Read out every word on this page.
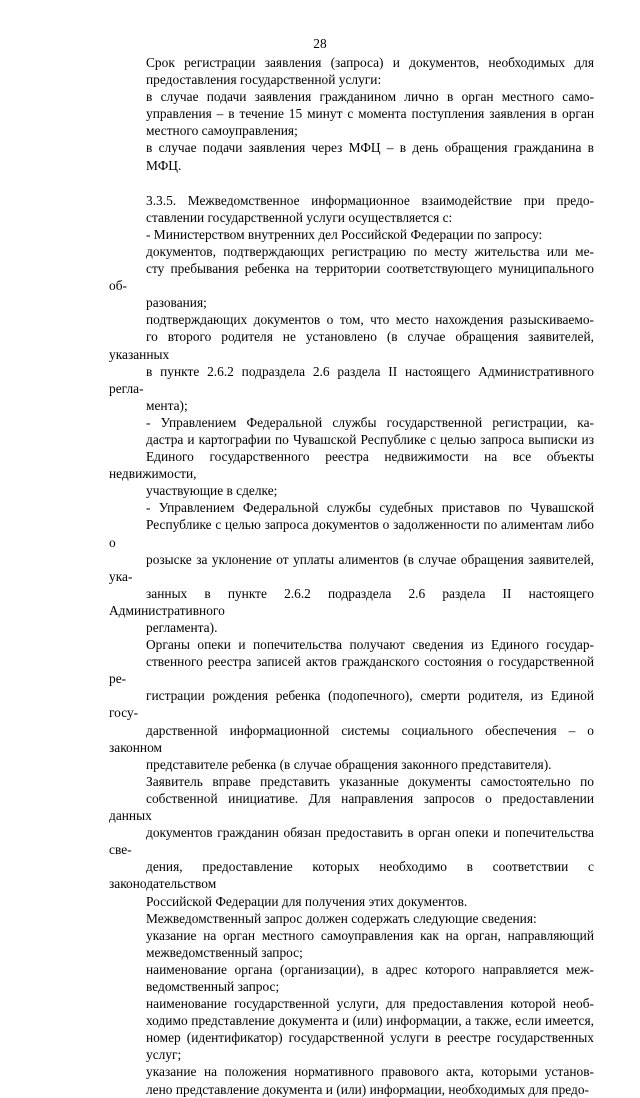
28

Срок регистрации заявления (запроса) и документов, необходимых для
предоставления государственной услуги:

в случае подачи заявления гражданином лично в орган местного само-
управления – в течение 15 минут с момента поступления заявления в орган
местного самоуправления;

в случае подачи заявления через МФЦ – в день обращения гражданина в
МФЦ.

3.3.5. Межведомственное информационное взаимодействие при предо-
ставлении государственной услуги осуществляется с:

- Министерством внутренних дел Российской Федерации по запросу:

документов, подтверждающих регистрацию по месту жительства или ме-
сту пребывания ребенка на территории соответствующего муниципального об-
разования;

подтверждающих документов о том, что место нахождения разыскиваемо-
го второго родителя не установлено (в случае обращения заявителей, указанных
в пункте 2.6.2 подраздела 2.6 раздела II настоящего Административного регла-
мента);

- Управлением Федеральной службы государственной регистрации, ка-
дастра и картографии по Чувашской Республике с целью запроса выписки из
Единого государственного реестра недвижимости на все объекты недвижимости,
участвующие в сделке;

- Управлением Федеральной службы судебных приставов по Чувашской
Республике с целью запроса документов о задолженности по алиментам либо о
розыске за уклонение от уплаты алиментов (в случае обращения заявителей, ука-
занных в пункте 2.6.2 подраздела 2.6 раздела II настоящего Административного
регламента).

Органы опеки и попечительства получают сведения из Единого государ-
ственного реестра записей актов гражданского состояния о государственной ре-
гистрации рождения ребенка (подопечного), смерти родителя, из Единой госу-
дарственной информационной системы социального обеспечения – о законном
представителе ребенка (в случае обращения законного представителя).

Заявитель вправе представить указанные документы самостоятельно по
собственной инициативе. Для направления запросов о предоставлении данных
документов гражданин обязан предоставить в орган опеки и попечительства све-
дения, предоставление которых необходимо в соответствии с законодательством
Российской Федерации для получения этих документов.

Межведомственный запрос должен содержать следующие сведения:

указание на орган местного самоуправления как на орган, направляющий
межведомственный запрос;

наименование органа (организации), в адрес которого направляется меж-
ведомственный запрос;

наименование государственной услуги, для предоставления которой необ-
ходимо представление документа и (или) информации, а также, если имеется,
номер (идентификатор) государственной услуги в реестре государственных
услуг;

указание на положения нормативного правового акта, которыми установ-
лено представление документа и (или) информации, необходимых для предо-
